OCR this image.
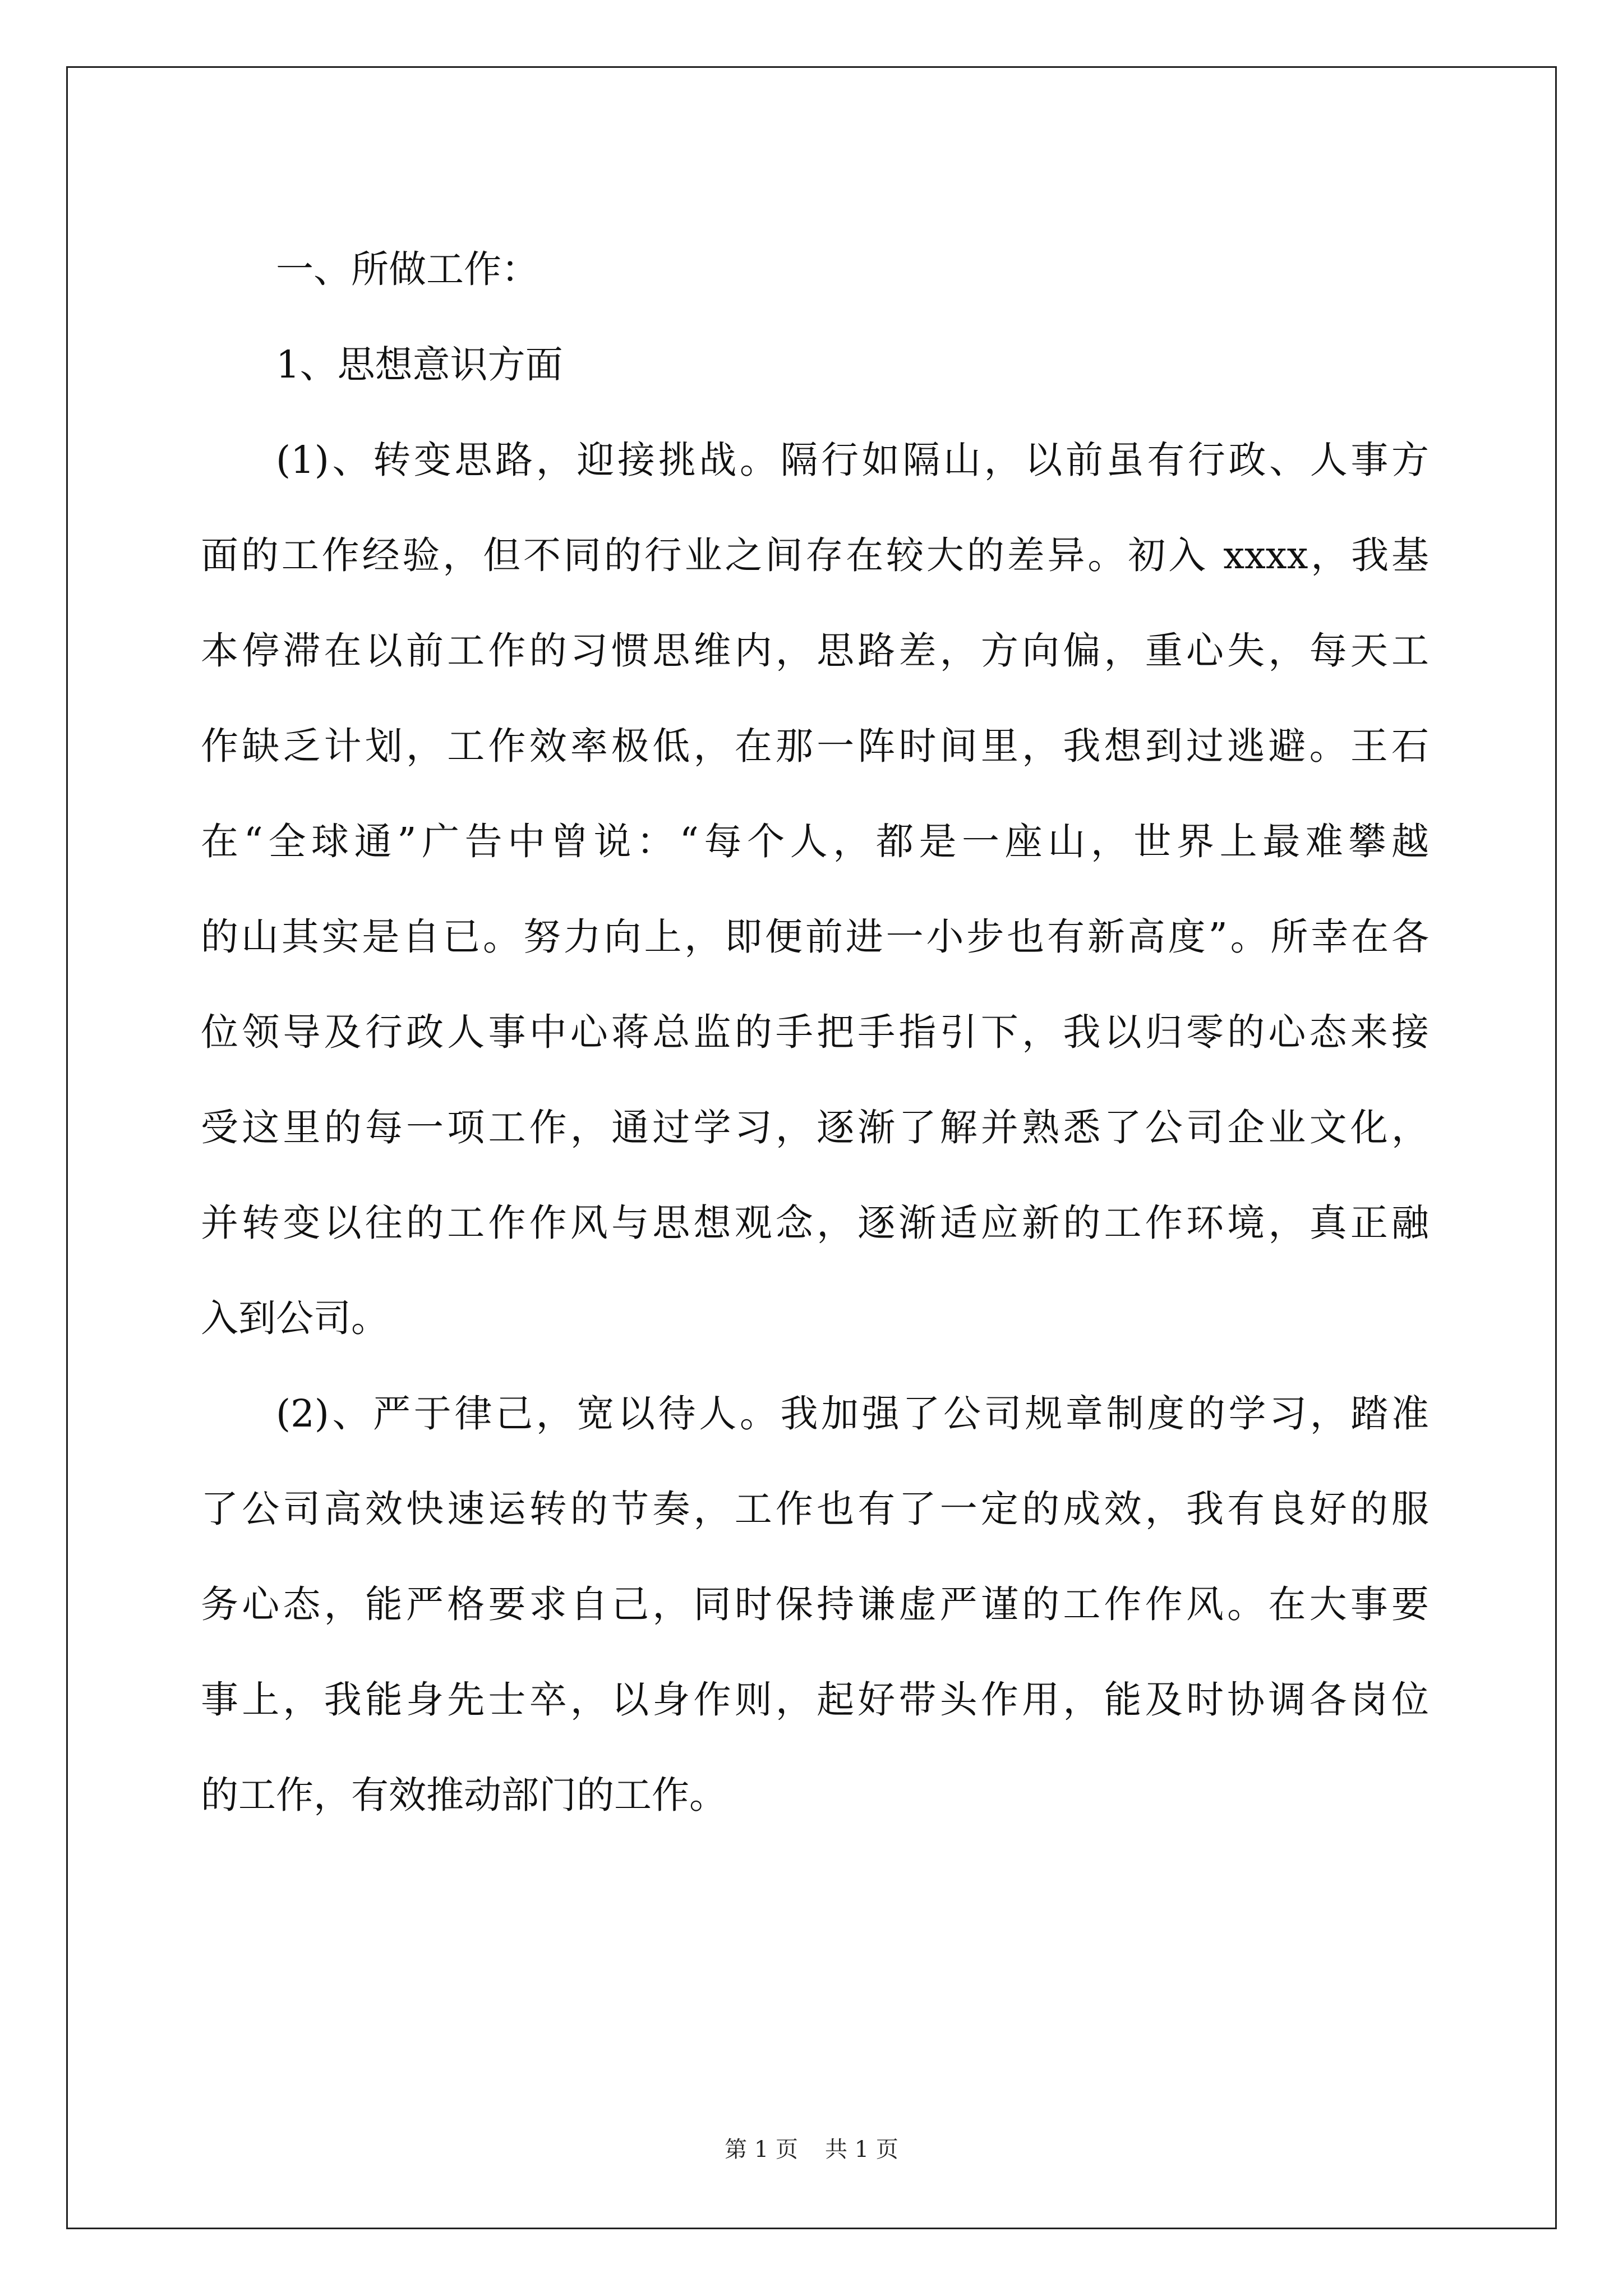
一、所做工作：
1、思想意识方面
(1)、转变思路，迎接挑战。隔行如隔山，以前虽有行政、人事方
面的工作经验，但不同的行业之间存在较大的差异。初入 xxxx，我基
本停滞在以前工作的习惯思维内，思路差，方向偏，重心失，每天工
作缺乏计划，工作效率极低，在那一阵时间里，我想到过逃避。王石
在“全球通”广告中曾说：“每个人，都是一座山，世界上最难攀越
的山其实是自已。努力向上，即便前进一小步也有新高度”。所幸在各
位领导及行政人事中心蒋总监的手把手指引下，我以归零的心态来接
受这里的每一项工作，通过学习，逐渐了解并熟悉了公司企业文化，
并转变以往的工作作风与思想观念，逐渐适应新的工作环境，真正融
入到公司。
(2)、严于律己，宽以待人。我加强了公司规章制度的学习，踏准
了公司高效快速运转的节奏，工作也有了一定的成效，我有良好的服
务心态，能严格要求自己，同时保持谦虚严谨的工作作风。在大事要
事上，我能身先士卒，以身作则，起好带头作用，能及时协调各岗位
的工作，有效推动部门的工作。
第 1 页 共 1 页
